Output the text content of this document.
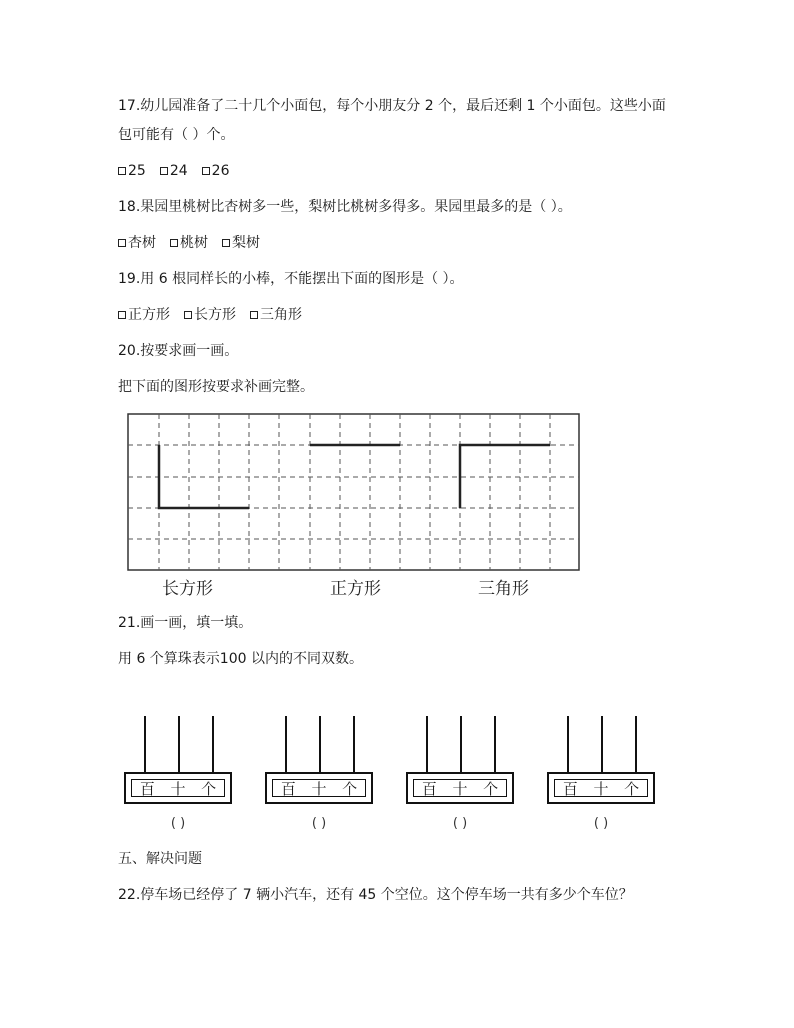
17.幼儿园准备了二十几个小面包，每个小朋友分 2 个，最后还剩 1 个小面包。这些小面
包可能有（ ）个。
25 24 26
18.果园里桃树比杏树多一些，梨树比桃树多得多。果园里最多的是（ ）。
杏树 桃树 梨树
19.用 6 根同样长的小棒，不能摆出下面的图形是（ ）。
正方形 长方形 三角形
20.按要求画一画。
把下面的图形按要求补画完整。
长方形	正方形	三角形
21.画一画，填一填。
用 6 个算珠表示100 以内的不同双数。
百 十 个
( )
百 十 个
( )
百 十 个
( )
百 十 个
( )
五、解决问题
22.停车场已经停了 7 辆小汽车，还有 45 个空位。这个停车场一共有多少个车位？
